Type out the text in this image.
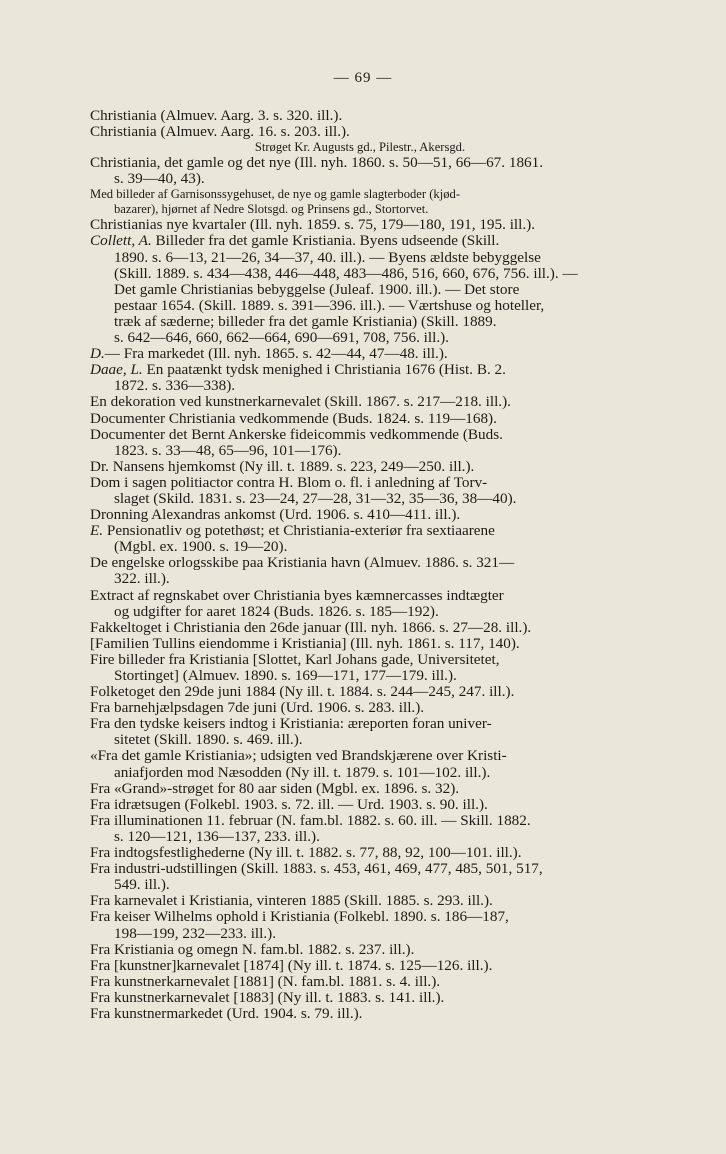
— 69 —
Christiania (Almuev. Aarg. 3. s. 320. ill.).
Christiania (Almuev. Aarg. 16. s. 203. ill.).
Strøget Kr. Augusts gd., Pilestr., Akersgd.
Christiania, det gamle og det nye (Ill. nyh. 1860. s. 50—51, 66—67. 1861.
s. 39—40, 43).
Med billeder af Garnisonssygehuset, de nye og gamle slagterboder (kjød-
bazarer), hjørnet af Nedre Slotsgd. og Prinsens gd., Stortorvet.
Christianias nye kvartaler (Ill. nyh. 1859. s. 75, 179—180, 191, 195. ill.).
Collett, A. Billeder fra det gamle Kristiania. Byens udseende (Skill.
1890. s. 6—13, 21—26, 34—37, 40. ill.). — Byens ældste bebyggelse
(Skill. 1889. s. 434—438, 446—448, 483—486, 516, 660, 676, 756. ill.). —
Det gamle Christianias bebyggelse (Juleaf. 1900. ill.). — Det store
pestaar 1654. (Skill. 1889. s. 391—396. ill.). — Værtshuse og hoteller,
træk af sæderne; billeder fra det gamle Kristiania) (Skill. 1889.
s. 642—646, 660, 662—664, 690—691, 708, 756. ill.).
D.— Fra markedet (Ill. nyh. 1865. s. 42—44, 47—48. ill.).
Daae, L. En paatænkt tydsk menighed i Christiania 1676 (Hist. B. 2.
1872. s. 336—338).
En dekoration ved kunstnerkarnevalet (Skill. 1867. s. 217—218. ill.).
Documenter Christiania vedkommende (Buds. 1824. s. 119—168).
Documenter det Bernt Ankerske fideicommis vedkommende (Buds.
1823. s. 33—48, 65—96, 101—176).
Dr. Nansens hjemkomst (Ny ill. t. 1889. s. 223, 249—250. ill.).
Dom i sagen politiactor contra H. Blom o. fl. i anledning af Torv-
slaget (Skild. 1831. s. 23—24, 27—28, 31—32, 35—36, 38—40).
Dronning Alexandras ankomst (Urd. 1906. s. 410—411. ill.).
E. Pensionatliv og potethøst; et Christiania-exteriør fra sextiaarene
(Mgbl. ex. 1900. s. 19—20).
De engelske orlogsskibe paa Kristiania havn (Almuev. 1886. s. 321—
322. ill.).
Extract af regnskabet over Christiania byes kæmnercasses indtægter
og udgifter for aaret 1824 (Buds. 1826. s. 185—192).
Fakkeltoget i Christiania den 26de januar (Ill. nyh. 1866. s. 27—28. ill.).
[Familien Tullins eiendomme i Kristiania] (Ill. nyh. 1861. s. 117, 140).
Fire billeder fra Kristiania [Slottet, Karl Johans gade, Universitetet,
Stortinget] (Almuev. 1890. s. 169—171, 177—179. ill.).
Folketoget den 29de juni 1884 (Ny ill. t. 1884. s. 244—245, 247. ill.).
Fra barnehjælpsdagen 7de juni (Urd. 1906. s. 283. ill.).
Fra den tydske keisers indtog i Kristiania: æreporten foran univer-
sitetet (Skill. 1890. s. 469. ill.).
«Fra det gamle Kristiania»; udsigten ved Brandskjærene over Kristi-
aniafjorden mod Næsodden (Ny ill. t. 1879. s. 101—102. ill.).
Fra «Grand»-strøget for 80 aar siden (Mgbl. ex. 1896. s. 32).
Fra idrætsugen (Folkebl. 1903. s. 72. ill. — Urd. 1903. s. 90. ill.).
Fra illuminationen 11. februar (N. fam.bl. 1882. s. 60. ill. — Skill. 1882.
s. 120—121, 136—137, 233. ill.).
Fra indtogsfestlighederne (Ny ill. t. 1882. s. 77, 88, 92, 100—101. ill.).
Fra industri-udstillingen (Skill. 1883. s. 453, 461, 469, 477, 485, 501, 517,
549. ill.).
Fra karnevalet i Kristiania, vinteren 1885 (Skill. 1885. s. 293. ill.).
Fra keiser Wilhelms ophold i Kristiania (Folkebl. 1890. s. 186—187,
198—199, 232—233. ill.).
Fra Kristiania og omegn N. fam.bl. 1882. s. 237. ill.).
Fra [kunstner]karnevalet [1874] (Ny ill. t. 1874. s. 125—126. ill.).
Fra kunstnerkarnevalet [1881] (N. fam.bl. 1881. s. 4. ill.).
Fra kunstnerkarnevalet [1883] (Ny ill. t. 1883. s. 141. ill.).
Fra kunstnermarkedet (Urd. 1904. s. 79. ill.).
